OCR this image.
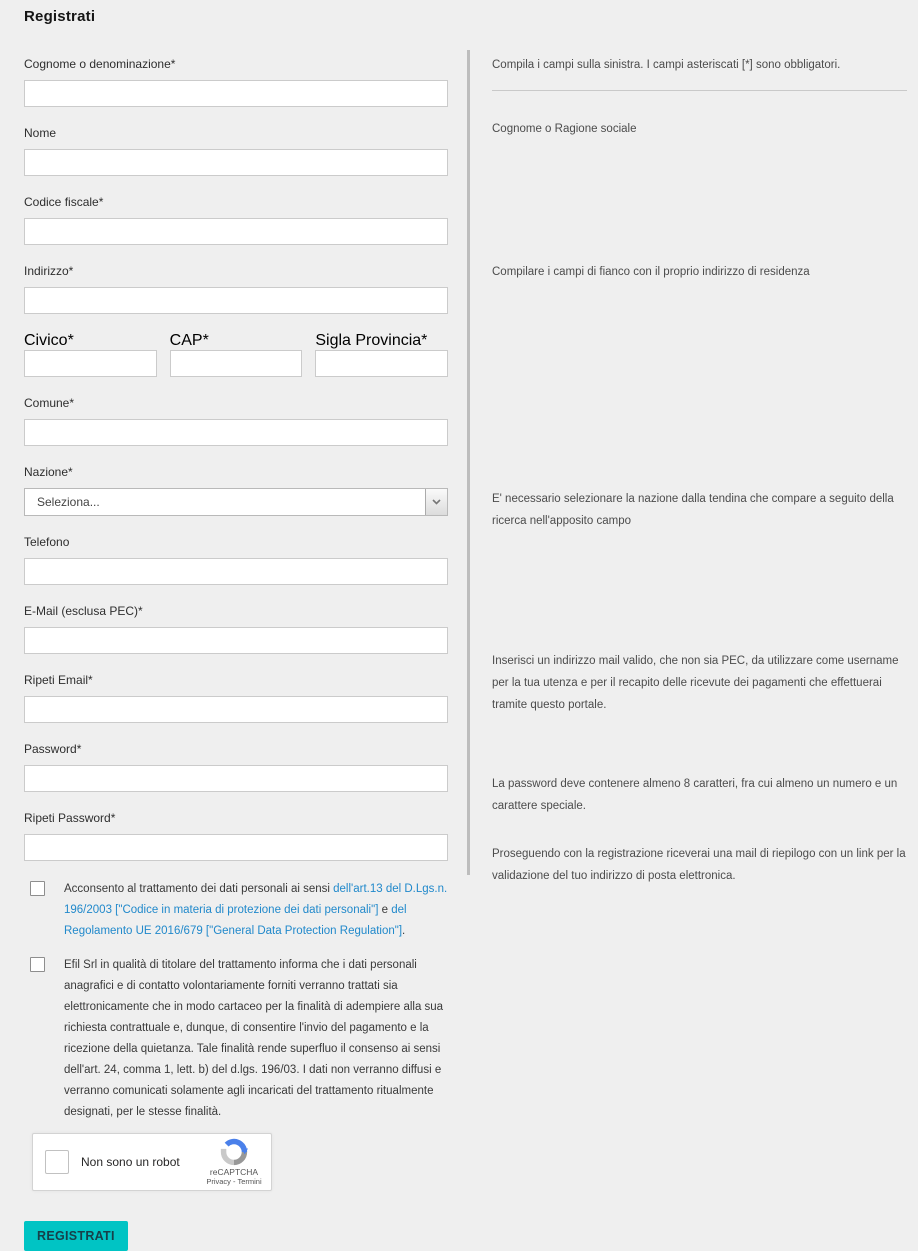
Registrati
Cognome o denominazione*
Nome
Codice fiscale*
Indirizzo*
Civico*	CAP*	Sigla Provincia*
Comune*
Nazione*
Seleziona...
Telefono
E-Mail (esclusa PEC)*
Ripeti Email*
Password*
Ripeti Password*

Acconsento al trattamento dei dati personali ai sensi dell'art.13 del D.Lgs.n. 196/2003 ["Codice in materia di protezione dei dati personali"] e del Regolamento UE 2016/679 ["General Data Protection Regulation"].

Efil Srl in qualità di titolare del trattamento informa che i dati personali anagrafici e di contatto volontariamente forniti verranno trattati sia elettronicamente che in modo cartaceo per la finalità di adempiere alla sua richiesta contrattuale e, dunque, di consentire l'invio del pagamento e la ricezione della quietanza. Tale finalità rende superfluo il consenso ai sensi dell'art. 24, comma 1, lett. b) del d.lgs. 196/03. I dati non verranno diffusi e verranno comunicati solamente agli incaricati del trattamento ritualmente designati, per le stesse finalità.

Non sono un robot
reCAPTCHA
Privacy - Termini
REGISTRATI
Compila i campi sulla sinistra. I campi asteriscati [*] sono obbligatori.
Cognome o Ragione sociale
Compilare i campi di fianco con il proprio indirizzo di residenza
E' necessario selezionare la nazione dalla tendina che compare a seguito della ricerca nell'apposito campo
Inserisci un indirizzo mail valido, che non sia PEC, da utilizzare come username per la tua utenza e per il recapito delle ricevute dei pagamenti che effettuerai tramite questo portale.
La password deve contenere almeno 8 caratteri, fra cui almeno un numero e un carattere speciale.
Proseguendo con la registrazione riceverai una mail di riepilogo con un link per la validazione del tuo indirizzo di posta elettronica.
